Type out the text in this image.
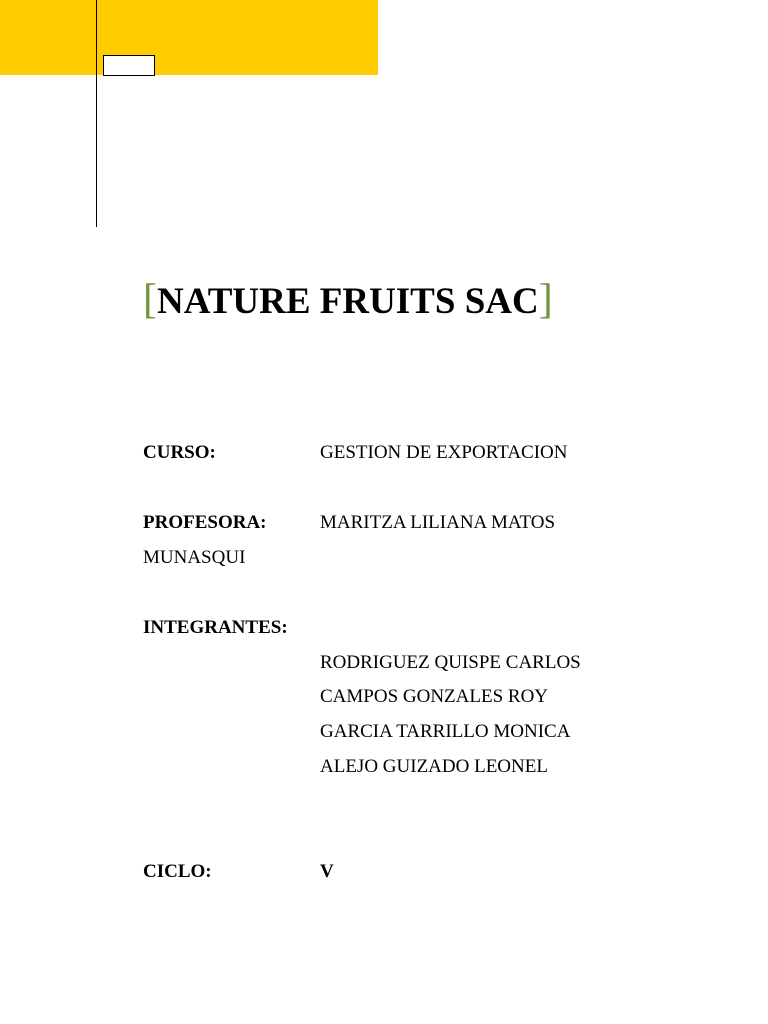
[NATURE FRUITS SAC]
CURSO:	GESTION DE EXPORTACION
PROFESORA:	MARITZA LILIANA MATOS
MUNASQUI
INTEGRANTES:
RODRIGUEZ QUISPE CARLOS
CAMPOS GONZALES ROY
GARCIA TARRILLO MONICA
ALEJO GUIZADO LEONEL
CICLO:	V
